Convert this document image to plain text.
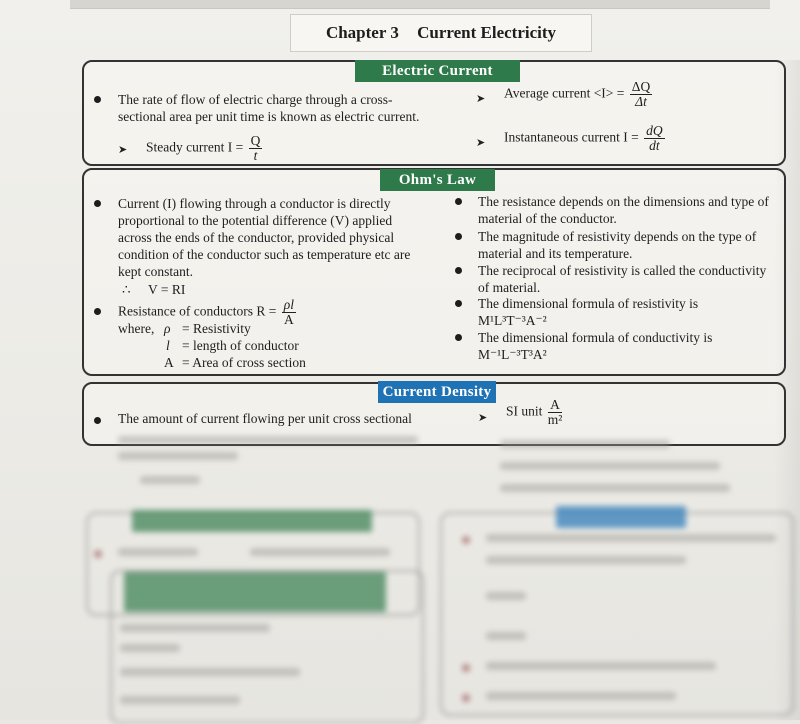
Chapter 3 Current Electricity
Electric Current
The rate of flow of electric charge through a cross-
sectional area per unit time is known as electric current.
➤ Steady current $I = \frac{Q}{t}$
➤ Average current $<I> = \frac{\Delta Q}{\Delta t}$
➤ Instantaneous current $I = \frac{dQ}{dt}$
Ohm's Law
Current (I) flowing through a conductor is directly
proportional to the potential difference (V) applied
across the ends of the conductor, provided physical
condition of the conductor such as temperature etc are
kept constant.
∴ V = RI
Resistance of conductors $R = \frac{\rho l}{A}$
where, ρ = Resistivity
l = length of conductor
A = Area of cross section
The resistance depends on the dimensions and type of
material of the conductor.
The magnitude of resistivity depends on the type of
material and its temperature.
The reciprocal of resistivity is called the conductivity
of material.
The dimensional formula of resistivity is
M¹L³T⁻³A⁻²
The dimensional formula of conductivity is
M⁻¹L⁻³T³A²
Current Density
The amount of current flowing per unit cross sectional	➤ SI unit $\frac{A}{\text{m²}}$
